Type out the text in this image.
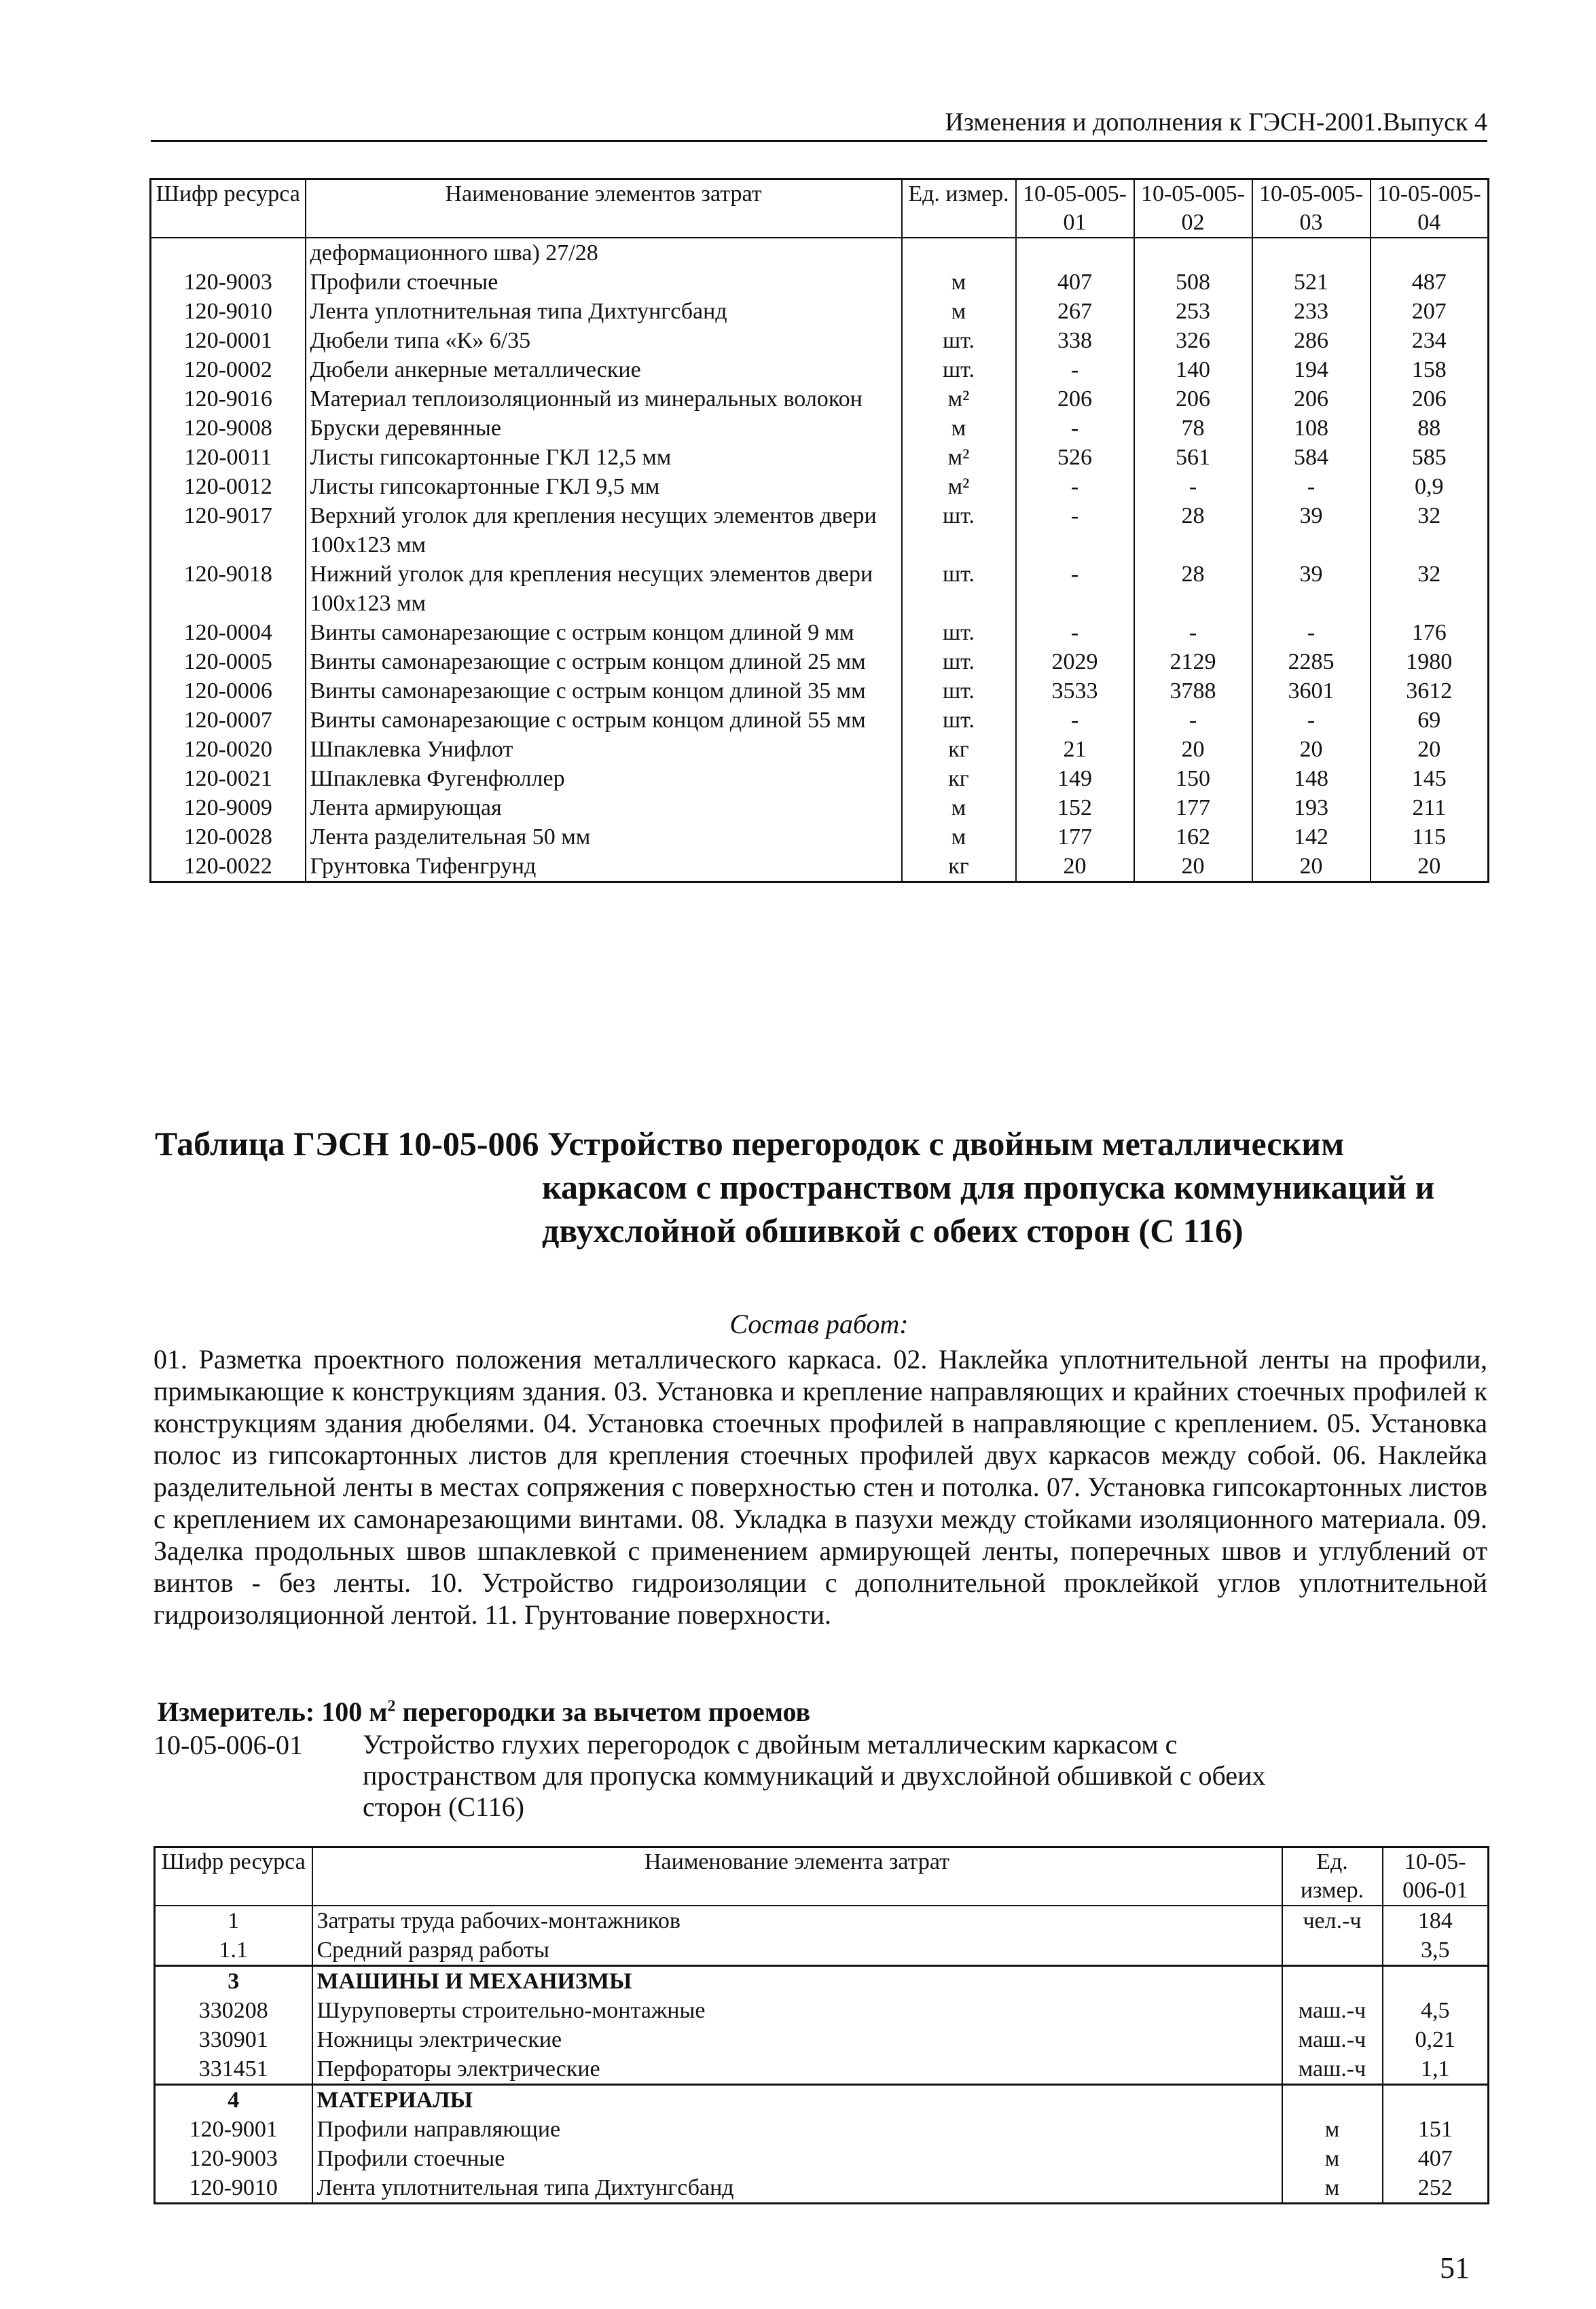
Изменения и дополнения к ГЭСН-2001.Выпуск 4
Шифр ресурса	Наименование элементов затрат	Ед. измер.	10-05-005-01	10-05-005-02	10-05-005-03	10-05-005-04
	деформационного шва) 27/28					
120-9003	Профили стоечные	м	407	508	521	487
120-9010	Лента уплотнительная типа Дихтунгсбанд	м	267	253	233	207
120-0001	Дюбели типа «К» 6/35	шт.	338	326	286	234
120-0002	Дюбели анкерные металлические	шт.	-	140	194	158
120-9016	Материал теплоизоляционный из минеральных волокон	м²	206	206	206	206
120-9008	Бруски деревянные	м	-	78	108	88
120-0011	Листы гипсокартонные ГКЛ 12,5 мм	м²	526	561	584	585
120-0012	Листы гипсокартонные ГКЛ 9,5 мм	м²	-	-	-	0,9
120-9017	Верхний уголок для крепления несущих элементов двери 100х123 мм	шт.	-	28	39	32
120-9018	Нижний уголок для крепления несущих элементов двери 100х123 мм	шт.	-	28	39	32
120-0004	Винты самонарезающие с острым концом длиной 9 мм	шт.	-	-	-	176
120-0005	Винты самонарезающие с острым концом длиной 25 мм	шт.	2029	2129	2285	1980
120-0006	Винты самонарезающие с острым концом длиной 35 мм	шт.	3533	3788	3601	3612
120-0007	Винты самонарезающие с острым концом длиной 55 мм	шт.	-	-	-	69
120-0020	Шпаклевка Унифлот	кг	21	20	20	20
120-0021	Шпаклевка Фугенфюллер	кг	149	150	148	145
120-9009	Лента армирующая	м	152	177	193	211
120-0028	Лента разделительная 50 мм	м	177	162	142	115
120-0022	Грунтовка Тифенгрунд	кг	20	20	20	20
Таблица ГЭСН 10-05-006 Устройство перегородок с двойным металлическим
каркасом с пространством для пропуска коммуникаций и
двухслойной обшивкой с обеих сторон (С 116)
Состав работ:
01. Разметка проектного положения металлического каркаса. 02. Наклейка уплотнительной ленты на профили, примыкающие к конструкциям здания. 03. Установка и крепление направляющих и крайних стоечных профилей к конструкциям здания дюбелями. 04. Установка стоечных профилей в направляющие с креплением. 05. Установка полос из гипсокартонных листов для крепления стоечных профилей двух каркасов между собой. 06. Наклейка разделительной ленты в местах сопряжения с поверхностью стен и потолка. 07. Установка гипсокартонных листов с креплением их самонарезающими винтами. 08. Укладка в пазухи между стойками изоляционного материала. 09. Заделка продольных швов шпаклевкой с применением армирующей ленты, поперечных швов и углублений от винтов - без ленты. 10. Устройство гидроизоляции с дополнительной проклейкой углов уплотнительной гидроизоляционной лентой. 11. Грунтование поверхности.
Измеритель: 100 $м^2$ перегородки за вычетом проемов
10-05-006-01 Устройство глухих перегородок с двойным металлическим каркасом с пространством для пропуска коммуникаций и двухслойной обшивкой с обеих сторон (С116)
Шифр ресурса	Наименование элемента затрат	Ед. измер.	10-05-006-01
1	Затраты труда рабочих-монтажников	чел.-ч	184
1.1	Средний разряд работы		3,5
3	МАШИНЫ И МЕХАНИЗМЫ		
330208	Шуруповерты строительно-монтажные	маш.-ч	4,5
330901	Ножницы электрические	маш.-ч	0,21
331451	Перфораторы электрические	маш.-ч	1,1
4	МАТЕРИАЛЫ		
120-9001	Профили направляющие	м	151
120-9003	Профили стоечные	м	407
120-9010	Лента уплотнительная типа Дихтунгсбанд	м	252
51
